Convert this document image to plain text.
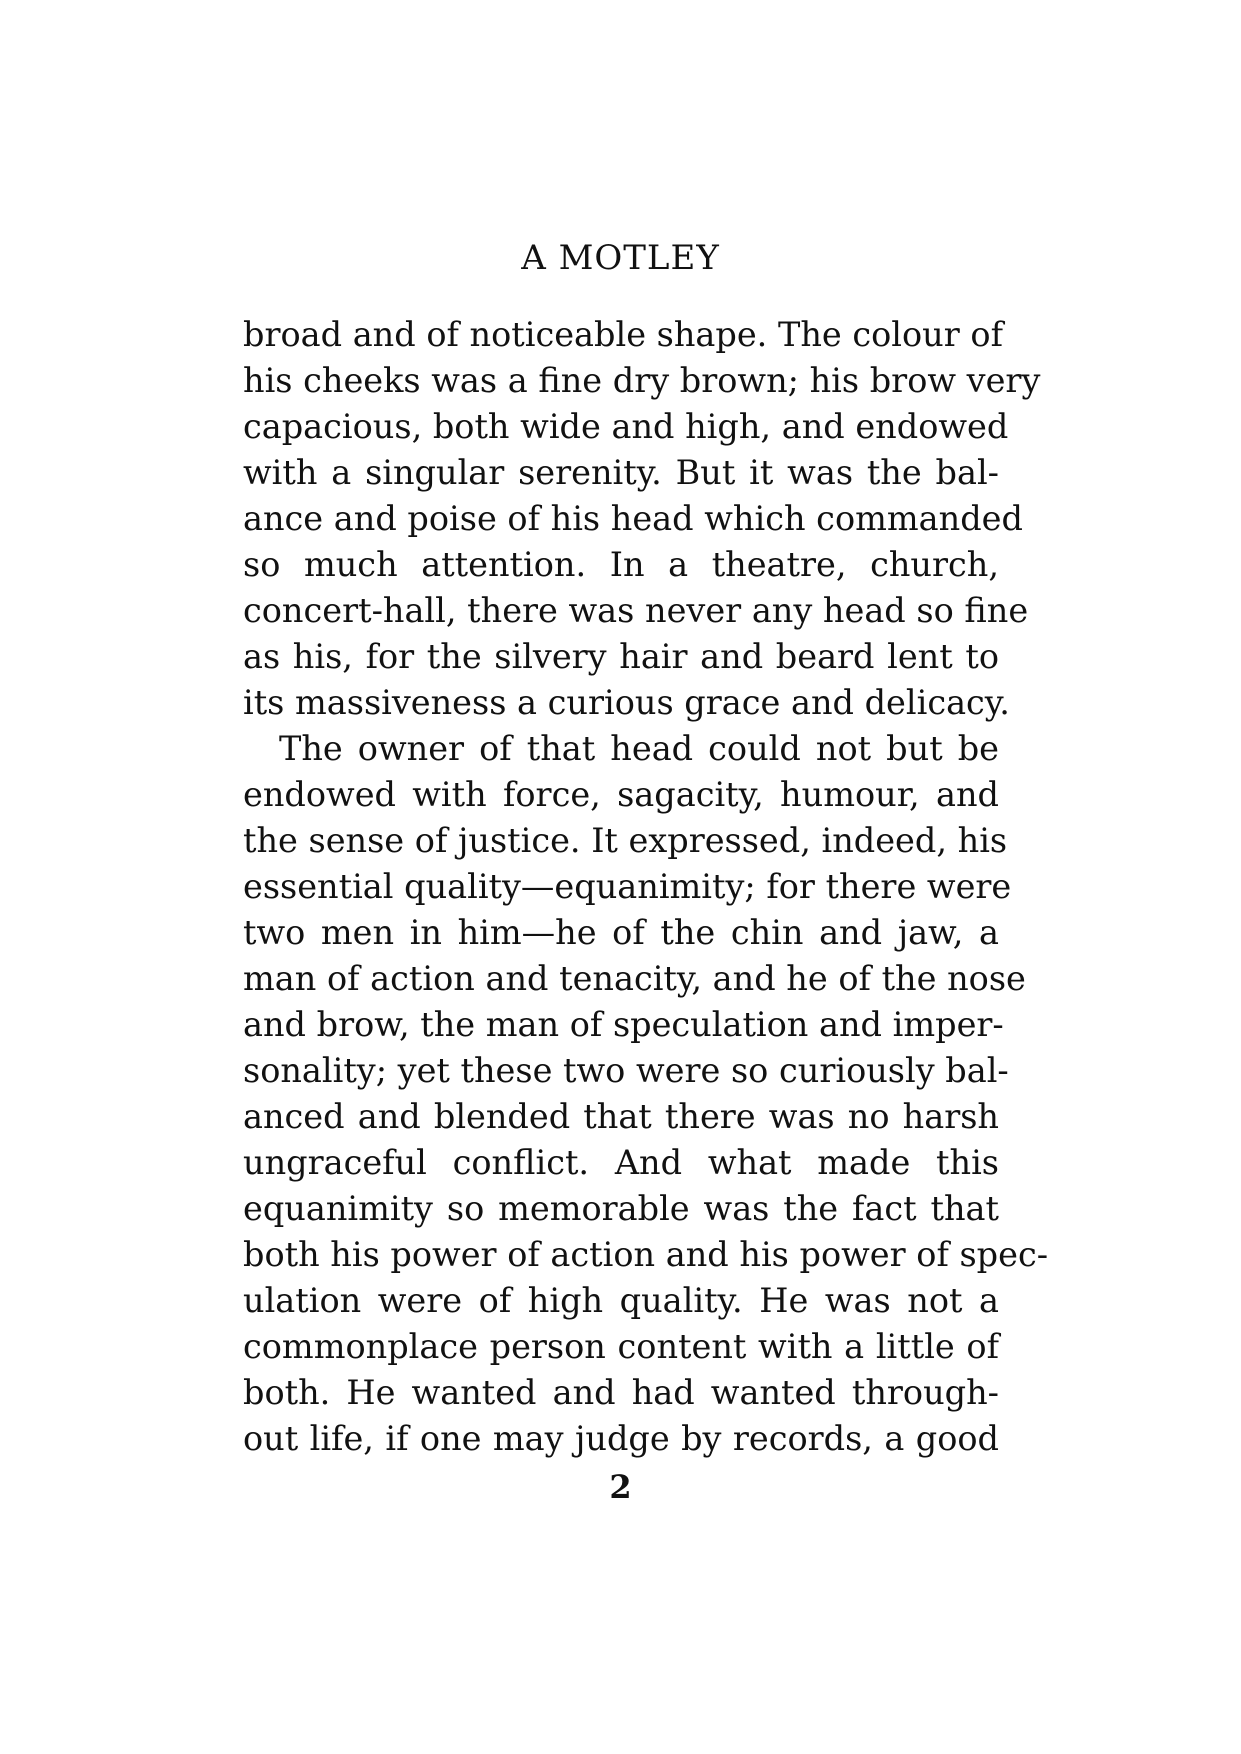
A MOTLEY
broad and of noticeable shape. The colour of
his cheeks was a fine dry brown; his brow very
capacious, both wide and high, and endowed
with a singular serenity. But it was the bal-
ance and poise of his head which commanded
so much attention. In a theatre, church,
concert-hall, there was never any head so fine
as his, for the silvery hair and beard lent to
its massiveness a curious grace and delicacy.
The owner of that head could not but be
endowed with force, sagacity, humour, and
the sense of justice. It expressed, indeed, his
essential quality—equanimity; for there were
two men in him—he of the chin and jaw, a
man of action and tenacity, and he of the nose
and brow, the man of speculation and imper-
sonality; yet these two were so curiously bal-
anced and blended that there was no harsh
ungraceful conflict. And what made this
equanimity so memorable was the fact that
both his power of action and his power of spec-
ulation were of high quality. He was not a
commonplace person content with a little of
both. He wanted and had wanted through-
out life, if one may judge by records, a good
2
